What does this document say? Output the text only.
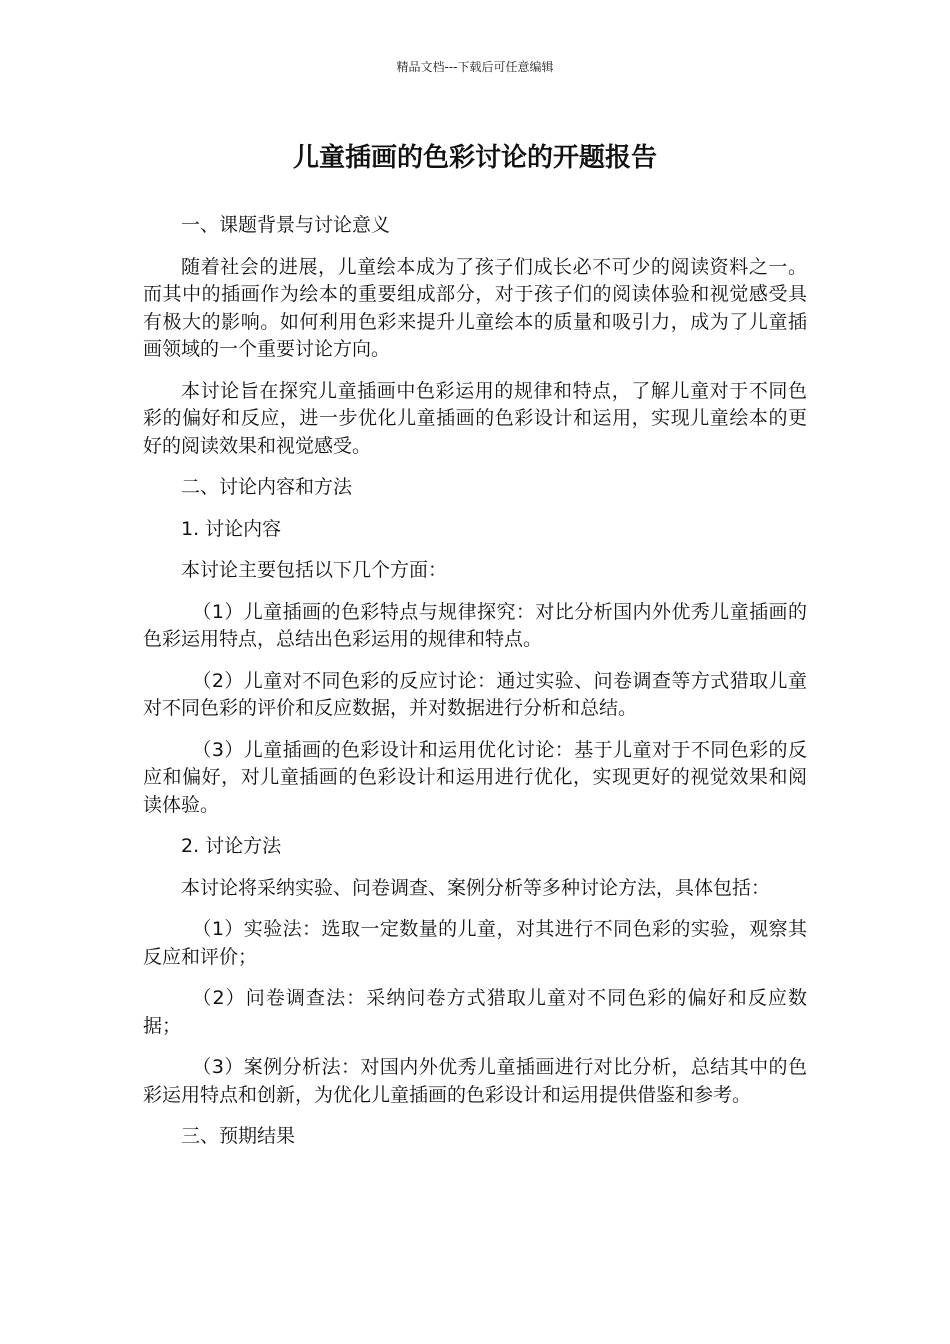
精品文档---下载后可任意编辑
儿童插画的色彩讨论的开题报告

一、课题背景与讨论意义

随着社会的进展，儿童绘本成为了孩子们成长必不可少的阅读资料之一。而其中的插画作为绘本的重要组成部分，对于孩子们的阅读体验和视觉感受具有极大的影响。如何利用色彩来提升儿童绘本的质量和吸引力，成为了儿童插画领域的一个重要讨论方向。

本讨论旨在探究儿童插画中色彩运用的规律和特点，了解儿童对于不同色彩的偏好和反应，进一步优化儿童插画的色彩设计和运用，实现儿童绘本的更好的阅读效果和视觉感受。

二、讨论内容和方法

1. 讨论内容

本讨论主要包括以下几个方面：

（1）儿童插画的色彩特点与规律探究：对比分析国内外优秀儿童插画的色彩运用特点，总结出色彩运用的规律和特点。

（2）儿童对不同色彩的反应讨论：通过实验、问卷调查等方式猎取儿童对不同色彩的评价和反应数据，并对数据进行分析和总结。

（3）儿童插画的色彩设计和运用优化讨论：基于儿童对于不同色彩的反应和偏好，对儿童插画的色彩设计和运用进行优化，实现更好的视觉效果和阅读体验。

2. 讨论方法

本讨论将采纳实验、问卷调查、案例分析等多种讨论方法，具体包括：

（1）实验法：选取一定数量的儿童，对其进行不同色彩的实验，观察其反应和评价；

（2）问卷调查法：采纳问卷方式猎取儿童对不同色彩的偏好和反应数据；

（3）案例分析法：对国内外优秀儿童插画进行对比分析，总结其中的色彩运用特点和创新，为优化儿童插画的色彩设计和运用提供借鉴和参考。

三、预期结果
